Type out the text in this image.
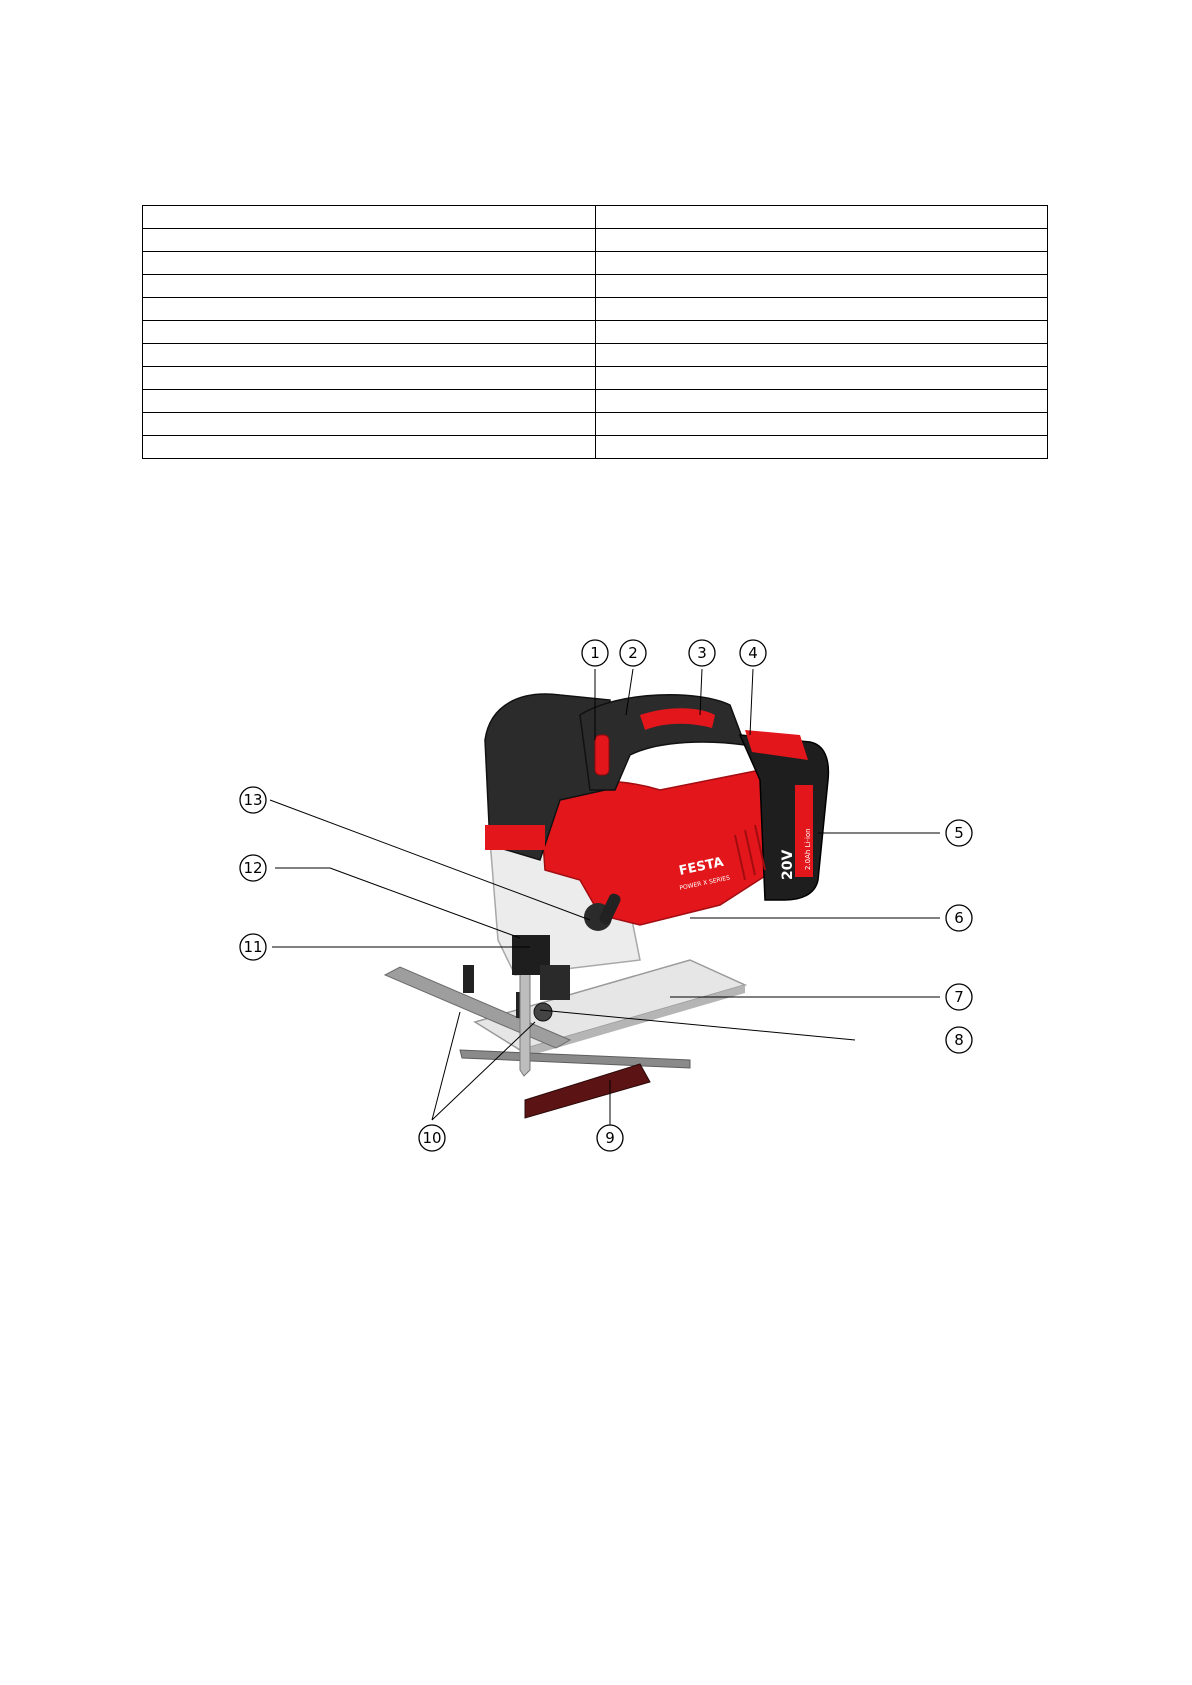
20V 2.0Ah Li-ion
FESTA
POWER X SERIES
1 2	3	4
5
6
7
8
9
10
11
12
13
